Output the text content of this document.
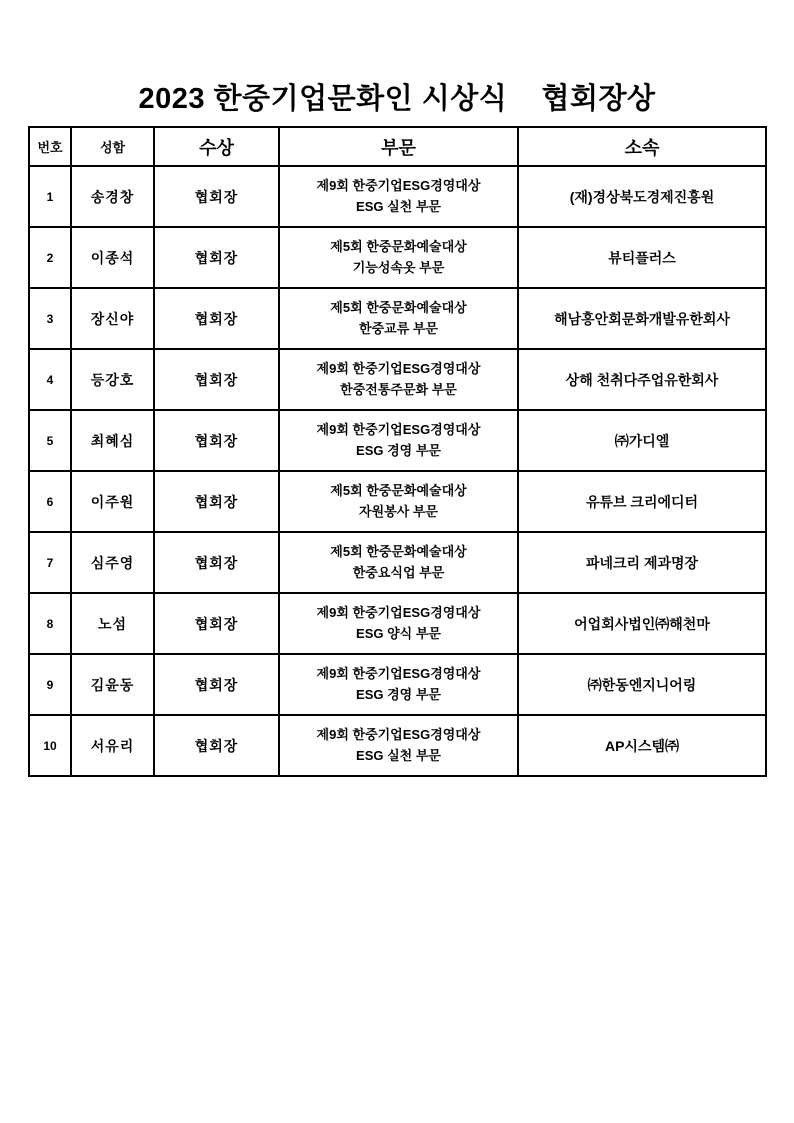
2023 한중기업문화인 시상식    협회장상
번호	성함	수상	부문	소속
1	송경창	협회장	제9회 한중기업ESG경영대상
ESG 실천 부문	(재)경상북도경제진흥원
2	이종석	협회장	제5회 한중문화예술대상
기능성속옷 부문	뷰티플러스
3	장신야	협회장	제5회 한중문화예술대상
한중교류 부문	해남홍안회문화개발유한회사
4	등강호	협회장	제9회 한중기업ESG경영대상
한중전통주문화 부문	상해 천취다주업유한회사
5	최혜심	협회장	제9회 한중기업ESG경영대상
ESG 경영 부문	㈜가디엘
6	이주원	협회장	제5회 한중문화예술대상
자원봉사 부문	유튜브 크리에디터
7	심주영	협회장	제5회 한중문화예술대상
한중요식업 부문	파네크리 제과명장
8	노섬	협회장	제9회 한중기업ESG경영대상
ESG 양식 부문	어업회사법인㈜해천마
9	김윤동	협회장	제9회 한중기업ESG경영대상
ESG 경영 부문	㈜한동엔지니어링
10	서유리	협회장	제9회 한중기업ESG경영대상
ESG 실천 부문	AP시스템㈜
